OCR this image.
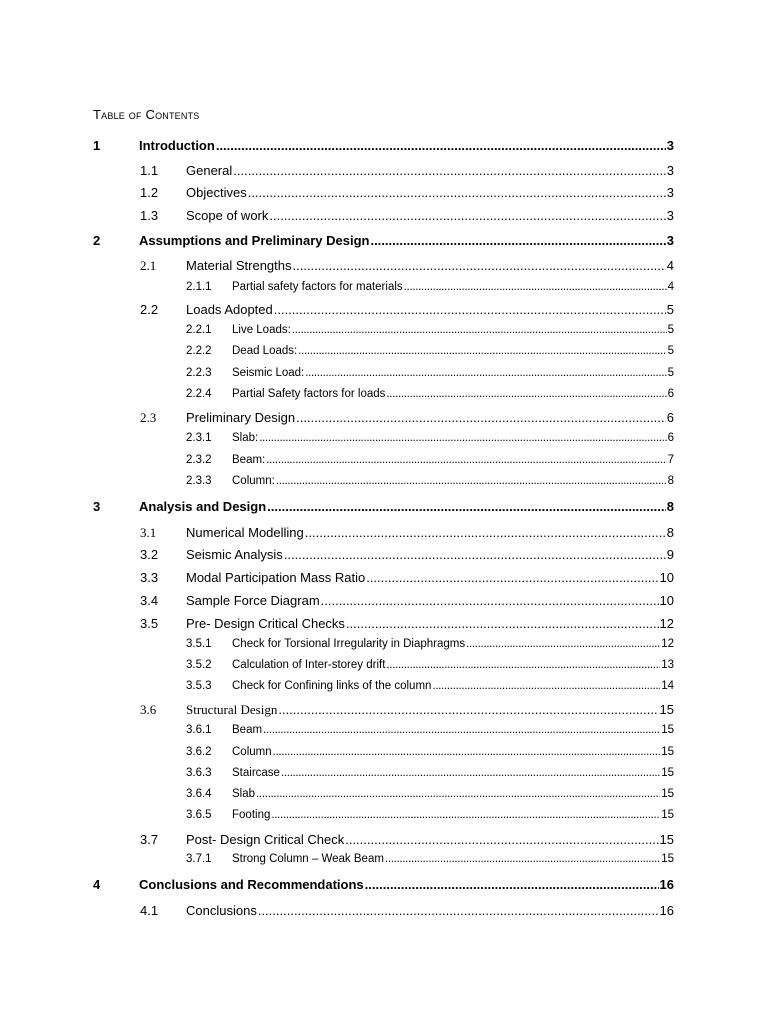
Table of Contents
1	Introduction .....	3
1.1 General .....	3
1.2 Objectives .....	3
1.3 Scope of work .....	3
2	Assumptions and Preliminary Design .....	3
2.1 Material Strengths .....	4
2.1.1 Partial safety factors for materials .....	4
2.2 Loads Adopted .....	5
2.2.1 Live Loads: .....	5
2.2.2 Dead Loads: .....	5
2.2.3 Seismic Load: .....	5
2.2.4 Partial Safety factors for loads .....	6
2.3 Preliminary Design .....	6
2.3.1 Slab: .....	6
2.3.2 Beam: .....	7
2.3.3 Column: .....	8
3	Analysis and Design .....	8
3.1 Numerical Modelling .....	8
3.2 Seismic Analysis .....	9
3.3 Modal Participation Mass Ratio .....	10
3.4 Sample Force Diagram .....	10
3.5 Pre- Design Critical Checks .....	12
3.5.1 Check for Torsional Irregularity in Diaphragms .....	12
3.5.2 Calculation of Inter-storey drift .....	13
3.5.3 Check for Confining links of the column .....	14
3.6 Structural Design .....	15
3.6.1 Beam .....	15
3.6.2 Column .....	15
3.6.3 Staircase .....	15
3.6.4 Slab .....	15
3.6.5 Footing .....	15
3.7 Post- Design Critical Check .....	15
3.7.1 Strong Column – Weak Beam .....	15
4	Conclusions and Recommendations .....	16
4.1 Conclusions .....	16
